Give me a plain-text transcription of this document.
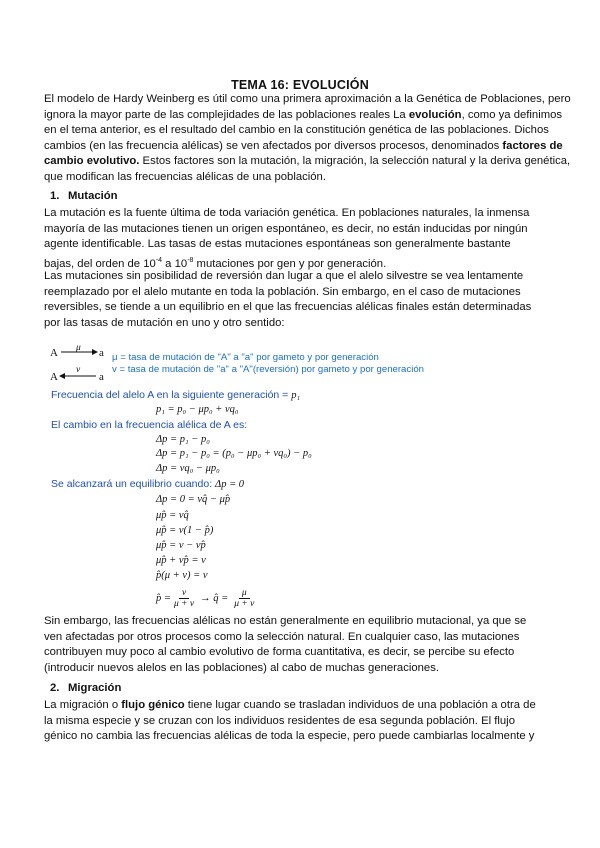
TEMA 16: EVOLUCIÓN
El modelo de Hardy Weinberg es útil como una primera aproximación a la Genética de Poblaciones, pero
ignora la mayor parte de las complejidades de las poblaciones reales La evolución, como ya definimos
en el tema anterior, es el resultado del cambio en la constitución genética de las poblaciones. Dichos
cambios (en las frecuencia alélicas) se ven afectados por diversos procesos, denominados factores de
cambio evolutivo. Estos factores son la mutación, la migración, la selección natural y la deriva genética,
que modifican las frecuencias alélicas de una población.
1. Mutación
La mutación es la fuente última de toda variación genética. En poblaciones naturales, la inmensa
mayoría de las mutaciones tienen un origen espontáneo, es decir, no están inducidas por ningún
agente identificable. Las tasas de estas mutaciones espontáneas son generalmente bastante
bajas, del orden de $10^{-4}$ a $10^{-8}$ mutaciones por gen y por generación.
Las mutaciones sin posibilidad de reversión dan lugar a que el alelo silvestre se vea lentamente
reemplazado por el alelo mutante en toda la población. Sin embargo, en el caso de mutaciones
reversibles, se tiende a un equilibrio en el que las frecuencias alélicas finales están determinadas
por las tasas de mutación en uno y otro sentido:
A μ a
A
ν
a
μ = tasa de mutación de "A" a "a" por gameto y por generación
v = tasa de mutación de "a" a "A"(reversión) por gameto y por generación
Frecuencia del alelo A en la siguiente generación = p₁
p₁ = p₀ − μp₀ + νq₀
El cambio en la frecuencia alélica de A es:
Δp = p₁ − p₀
Δp = p₁ − p₀ = (p₀ − μp₀ + νq₀) − p₀
Δp = νq₀ − μp₀
Se alcanzará un equilibrio cuando: Δp = 0
Δp = 0 = νq̂ − μp̂
μp̂ = νq̂
μp̂ = ν(1 − p̂)
μp̂ = ν − νp̂
μp̂ + νp̂ = ν
p̂(μ + ν) = ν
p̂ = $\frac{\nu}{\mu + \nu}$ → q̂ = $\frac{\mu}{\mu + \nu}$
Sin embargo, las frecuencias alélicas no están generalmente en equilibrio mutacional, ya que se
ven afectadas por otros procesos como la selección natural. En cualquier caso, las mutaciones
contribuyen muy poco al cambio evolutivo de forma cuantitativa, es decir, se percibe su efecto
(introducir nuevos alelos en las poblaciones) al cabo de muchas generaciones.
2. Migración
La migración o flujo génico tiene lugar cuando se trasladan individuos de una población a otra de
la misma especie y se cruzan con los individuos residentes de esa segunda población. El flujo
génico no cambia las frecuencias alélicas de toda la especie, pero puede cambiarlas localmente y
